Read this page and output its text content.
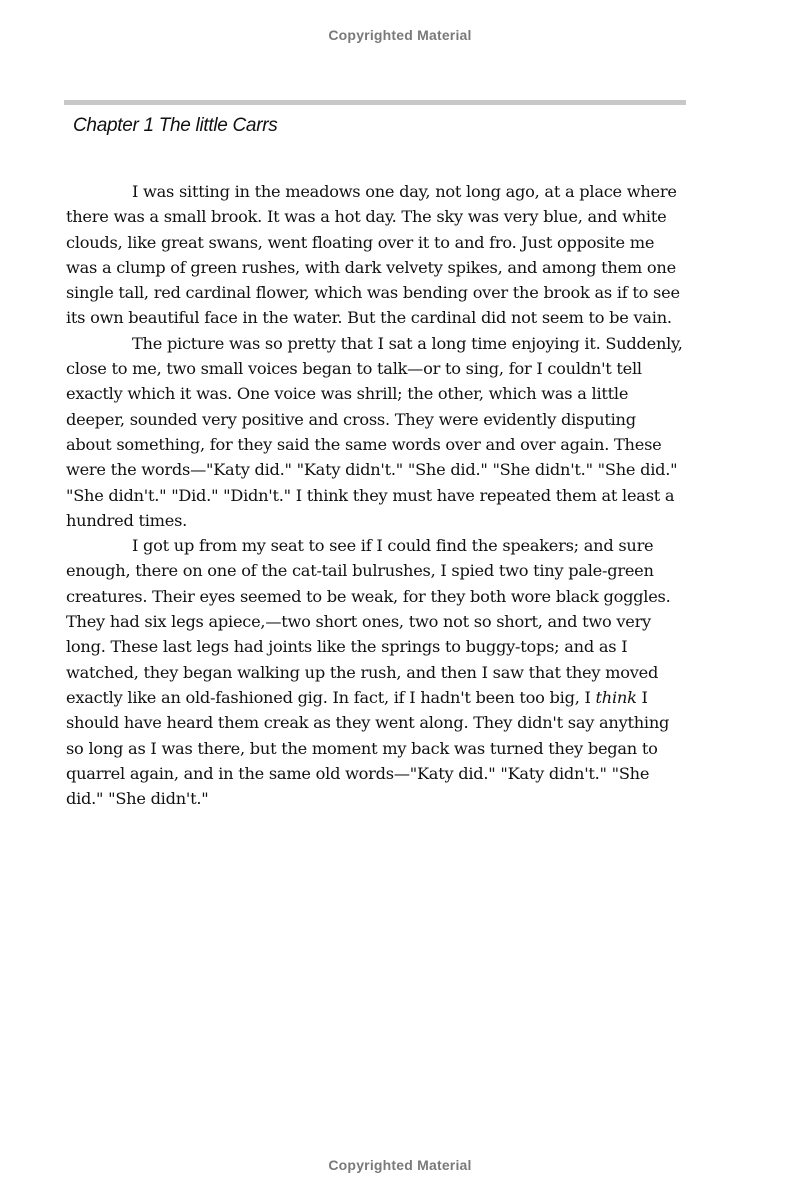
Copyrighted Material
Chapter 1 The little Carrs

I was sitting in the meadows one day, not long ago, at a place where there was a small brook. It was a hot day. The sky was very blue, and white clouds, like great swans, went floating over it to and fro. Just opposite me was a clump of green rushes, with dark velvety spikes, and among them one single tall, red cardinal flower, which was bending over the brook as if to see its own beautiful face in the water. But the cardinal did not seem to be vain.

The picture was so pretty that I sat a long time enjoying it. Suddenly, close to me, two small voices began to talk—or to sing, for I couldn't tell exactly which it was. One voice was shrill; the other, which was a little deeper, sounded very positive and cross. They were evidently disputing about something, for they said the same words over and over again. These were the words—"Katy did." "Katy didn't." "She did." "She didn't." "She did." "She didn't." "Did." "Didn't." I think they must have repeated them at least a hundred times.

I got up from my seat to see if I could find the speakers; and sure enough, there on one of the cat-tail bulrushes, I spied two tiny pale-green creatures. Their eyes seemed to be weak, for they both wore black goggles. They had six legs apiece,—two short ones, two not so short, and two very long. These last legs had joints like the springs to buggy-tops; and as I watched, they began walking up the rush, and then I saw that they moved exactly like an old-fashioned gig. In fact, if I hadn't been too big, I think I should have heard them creak as they went along. They didn't say anything so long as I was there, but the moment my back was turned they began to quarrel again, and in the same old words—"Katy did." "Katy didn't." "She did." "She didn't."

Copyrighted Material
